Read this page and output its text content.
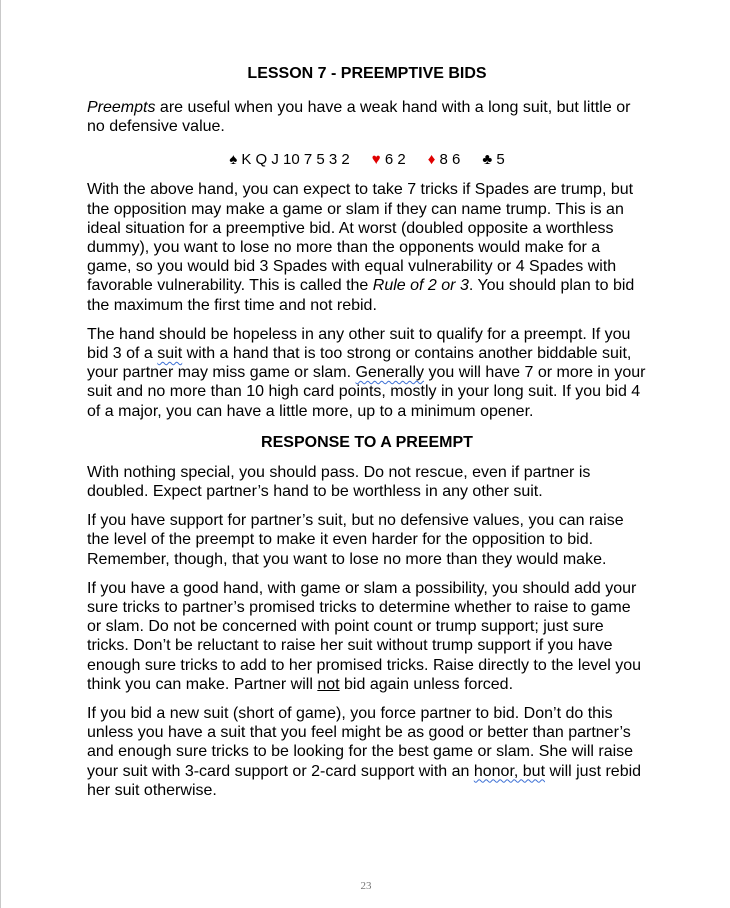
LESSON 7 - PREEMPTIVE BIDS

Preempts are useful when you have a weak hand with a long suit, but little or no defensive value.

♠ K Q J 10 7 5 3 2 ♥ 6 2 ♦ 8 6 ♣ 5

With the above hand, you can expect to take 7 tricks if Spades are trump, but the opposition may make a game or slam if they can name trump. This is an ideal situation for a preemptive bid. At worst (doubled opposite a worthless dummy), you want to lose no more than the opponents would make for a game, so you would bid 3 Spades with equal vulnerability or 4 Spades with favorable vulnerability. This is called the Rule of 2 or 3. You should plan to bid the maximum the first time and not rebid.

The hand should be hopeless in any other suit to qualify for a preempt. If you bid 3 of a suit with a hand that is too strong or contains another biddable suit, your partner may miss game or slam. Generally you will have 7 or more in your suit and no more than 10 high card points, mostly in your long suit. If you bid 4 of a major, you can have a little more, up to a minimum opener.

RESPONSE TO A PREEMPT

With nothing special, you should pass. Do not rescue, even if partner is doubled. Expect partner’s hand to be worthless in any other suit.

If you have support for partner’s suit, but no defensive values, you can raise the level of the preempt to make it even harder for the opposition to bid. Remember, though, that you want to lose no more than they would make.

If you have a good hand, with game or slam a possibility, you should add your sure tricks to partner’s promised tricks to determine whether to raise to game or slam. Do not be concerned with point count or trump support; just sure tricks. Don’t be reluctant to raise her suit without trump support if you have enough sure tricks to add to her promised tricks. Raise directly to the level you think you can make. Partner will not bid again unless forced.

If you bid a new suit (short of game), you force partner to bid. Don’t do this unless you have a suit that you feel might be as good or better than partner’s and enough sure tricks to be looking for the best game or slam. She will raise your suit with 3-card support or 2-card support with an honor, but will just rebid her suit otherwise.

23
